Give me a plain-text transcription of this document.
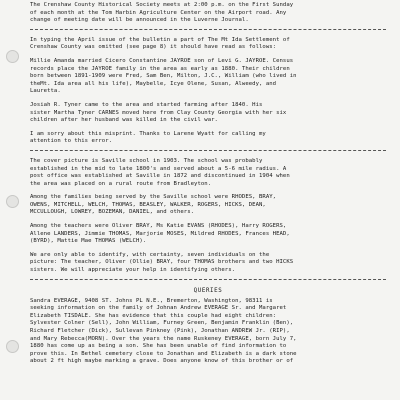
The Crenshaw County Historical Society meets at 2:00 p.m. on the First Sunday
of each month at the Tom Harbin Agriculture Center on the Airport road. Any
change of meeting date will be announced in the Luverne Journal.

In typing the April issue of the bulletin a part of The Mt Ida Settlement of
Crenshaw County was omitted (see page 8) it should have read as follows:

Millie Amanda married Cicero Constantine JAYROE son of Levi G. JAYROE. Census
records place the JAYROE family in the area as early as 1880. Their children
born between 1891-1909 were Fred, Sam Ben, Milton, J.C., William (who lived in
theMt. Ida area all his life), Maybelle, Icye Olene, Susan, Alweedy, and
Lauretta.

Josiah R. Tyner came to the area and started farming after 1840. His
sister Martha Tyner CARNES moved here from Clay County Georgia with her six
children after her husband was killed in the civil war.

I am sorry about this misprint. Thanks to Larene Wyatt for calling my
attention to this error.

The cover picture is Saville school in 1903. The school was probably
established in the mid to late 1800's and served about a 5-6 mile radius. A
post office was established at Saville in 1872 and discontinued in 1904 when
the area was placed on a rural route from Bradleyton.

Among the families being served by the Saville school were RHODES, BRAY,
OWENS, MITCHELL, WELCH, THOMAS, BEASLEY, WALKER, ROGERS, HICKS, DEAN,
MCCULLOUGH, LOWREY, BOZEMAN, DANIEL, and others.

Among the teachers were Oliver BRAY, Ms Katie EVANS (RHODES), Harry ROGERS,
Allene LANDERS, Jimmie THOMAS, Marjorie MOSES, Mildred RHODES, Frances HEAD,
(BYRD), Mattie Mae THOMAS (WELCH).

We are only able to identify, with certainty, seven individuals on the
picture: The teacher, Oliver (Ollie) BRAY, four THOMAS brothers and two HICKS
sisters. We will appreciate your help in identifying others.

QUERIES

Sandra EVERAGE, 9408 ST. Johns PL N.E., Bremerton, Washington, 98311 is
seeking information on the family of Johnan Andrew EVERAGE Sr. and Margaret
Elizabeth TISDALE. She has evidence that this couple had eight children:
Sylvester Colner (Sell), John William, Furney Green, Benjamin Franklin (Ben),
Richard Fletcher (Dick), Sullevan Pinkney (Pink), Jonathan ANDREW Jr. (RIP),
and Mary Rebecca(MORN). Over the years the name Ruskeney EVERAGE, born July 7,
1880 has come up as being a son. She has been unable of find information to
prove this. In Bethel cemetery close to Jonathan and Elizabeth is a dark stone
about 2 ft high maybe marking a grave. Does anyone know of this brother or of
